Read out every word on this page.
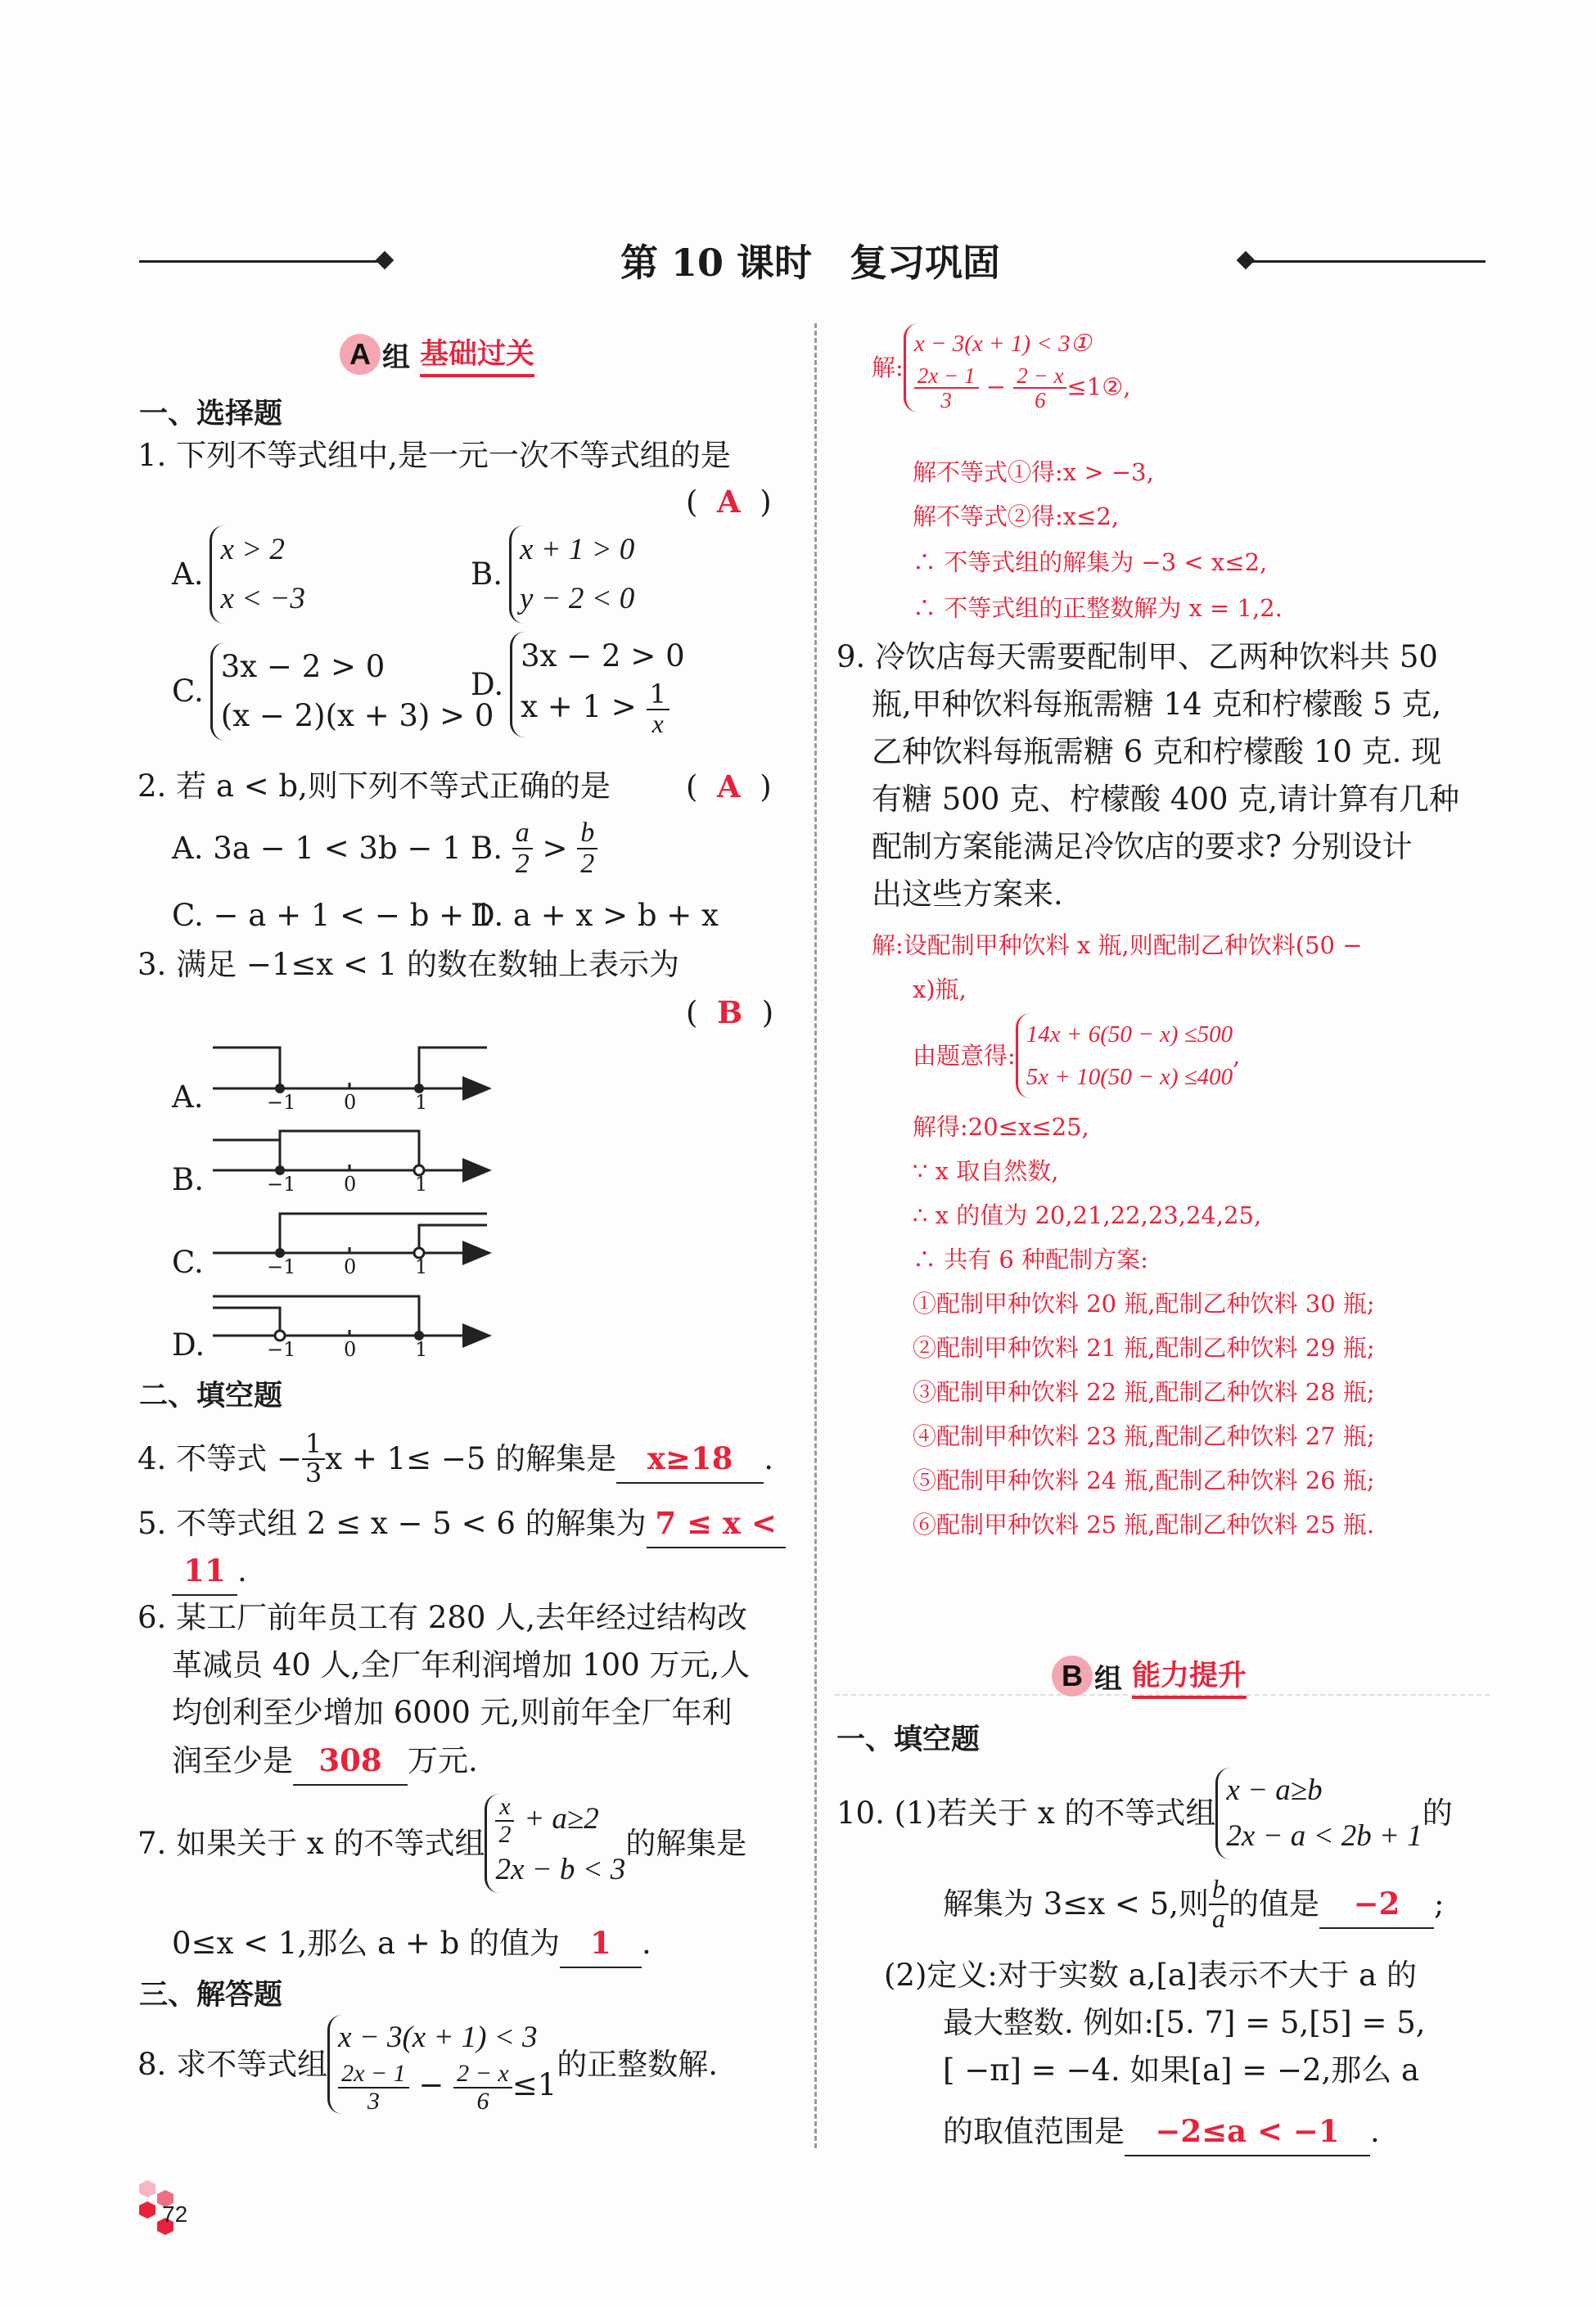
第 10 课时　复习巩固
A 组 基础过关
一、选择题
1. 下列不等式组中,是一元一次不等式组的是
(  A  )
A.
x > 2
x < −3
B.
x + 1 > 0
y − 2 < 0
C.
3x − 2 > 0
(x − 2)(x + 3) > 0
D.
3x − 2 > 0
$x + 1 > \frac{1}{x}$
2. 若 a < b,则下列不等式正确的是 (  A  )
A. 3a − 1 < 3b − 1 B.
$\frac{a}{2}$
>
$\frac{b}{2}$
C. − a + 1 < − b + 1
D. a + x > b + x
3. 满足 −1≤x < 1 的数在数轴上表示为
(  B  )
A.
B.
C.
D.
−1 0	1
−1 0	1
−1 0	1
−1 0	1
二、填空题
4. 不等式 − $\frac{1}{3}$ x + 1≤ −5 的解集是	x≥18	.
5. 不等式组 2 ≤ x − 5 < 6 的解集为 7 ≤ x <
11 .
6. 某工厂前年员工有 280 人,去年经过结构改
革减员 40 人,全厂年利润增加 100 万元,人
均创利至少增加 6000 元,则前年全厂年利
润至少是 308 万元.
7. 如果关于 x 的不等式组 $\frac{x}{2} + a\ge 2$
2x − b < 3
的解集是
0≤x < 1,那么 a + b 的值为 1 .
三、解答题
8. 求不等式组
x − 3(x + 1) < 3
$\frac{2x - 1}{3} - \frac{2 - x}{6} \le 1$
的正整数解.
解:
x − 3(x + 1) < 3①
$\frac{2x - 1}{3} - \frac{2 - x}{6}$ ≤1②,
解不等式①得:x > −3,
解不等式②得:x≤2,
∴ 不等式组的解集为 −3 < x≤2,
∴ 不等式组的正整数解为 x = 1,2.
9. 冷饮店每天需要配制甲、乙两种饮料共 50
瓶,甲种饮料每瓶需糖 14 克和柠檬酸 5 克,
乙种饮料每瓶需糖 6 克和柠檬酸 10 克. 现
有糖 500 克、柠檬酸 400 克,请计算有几种
配制方案能满足冷饮店的要求? 分别设计
出这些方案来.
解:设配制甲种饮料 x 瓶,则配制乙种饮料(50 −
x)瓶,
由题意得:
14x + 6(50 − x) ≤500
5x + 10(50 − x) ≤400
,
解得:20≤x≤25,
∵ x 取自然数,
∴ x 的值为 20,21,22,23,24,25,
∴ 共有 6 种配制方案:
①配制甲种饮料 20 瓶,配制乙种饮料 30 瓶;
②配制甲种饮料 21 瓶,配制乙种饮料 29 瓶;
③配制甲种饮料 22 瓶,配制乙种饮料 28 瓶;
④配制甲种饮料 23 瓶,配制乙种饮料 27 瓶;
⑤配制甲种饮料 24 瓶,配制乙种饮料 26 瓶;
⑥配制甲种饮料 25 瓶,配制乙种饮料 25 瓶.
B 组 能力提升
一、填空题
10. (1)若关于 x 的不等式组
x − a≥b
2x − a < 2b + 1
的
解集为 3≤x < 5,则 $\frac{b}{a}$ 的值是	−2	;
(2)定义:对于实数 a,[a]表示不大于 a 的
最大整数. 例如:[5. 7] = 5,[5] = 5,
[ −π] = −4. 如果[a] = −2,那么 a
的取值范围是 −2≤a < −1 .
72
